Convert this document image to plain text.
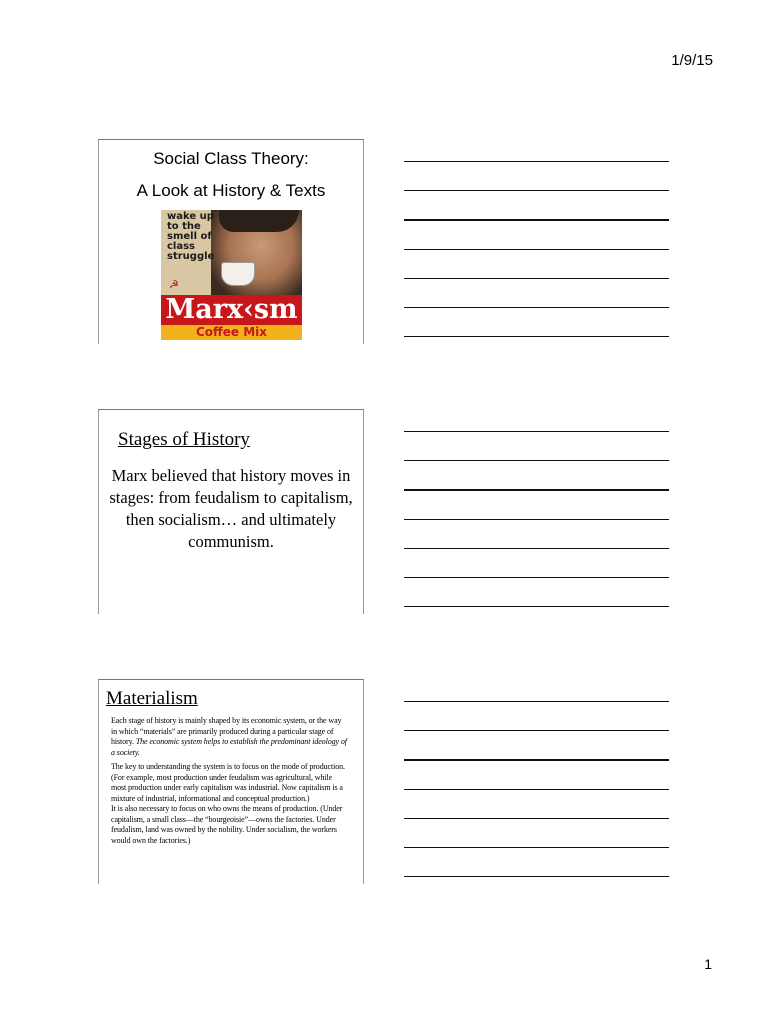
1/9/15
Social Class Theory:
A Look at History & Texts
wake up to the smell of class struggle
☭
Marx‹sm
Coffee Mix
Stages of History
Marx believed that history moves in stages: from feudalism to capitalism, then socialism… and ultimately communism.
Materialism

Each stage of history is mainly shaped by its economic system, or the way in which “materials” are primarily produced during a particular stage of history. The economic system helps to establish the predominant ideology of a society.

The key to understanding the system is to focus on the mode of production. (For example, most production under feudalism was agricultural, while most production under early capitalism was industrial. Now capitalism is a mixture of industrial, informational and conceptual production.)

It is also necessary to focus on who owns the means of production. (Under capitalism, a small class—the “bourgeoisie”—owns the factories. Under feudalism, land was owned by the nobility. Under socialism, the workers would own the factories.)

1
